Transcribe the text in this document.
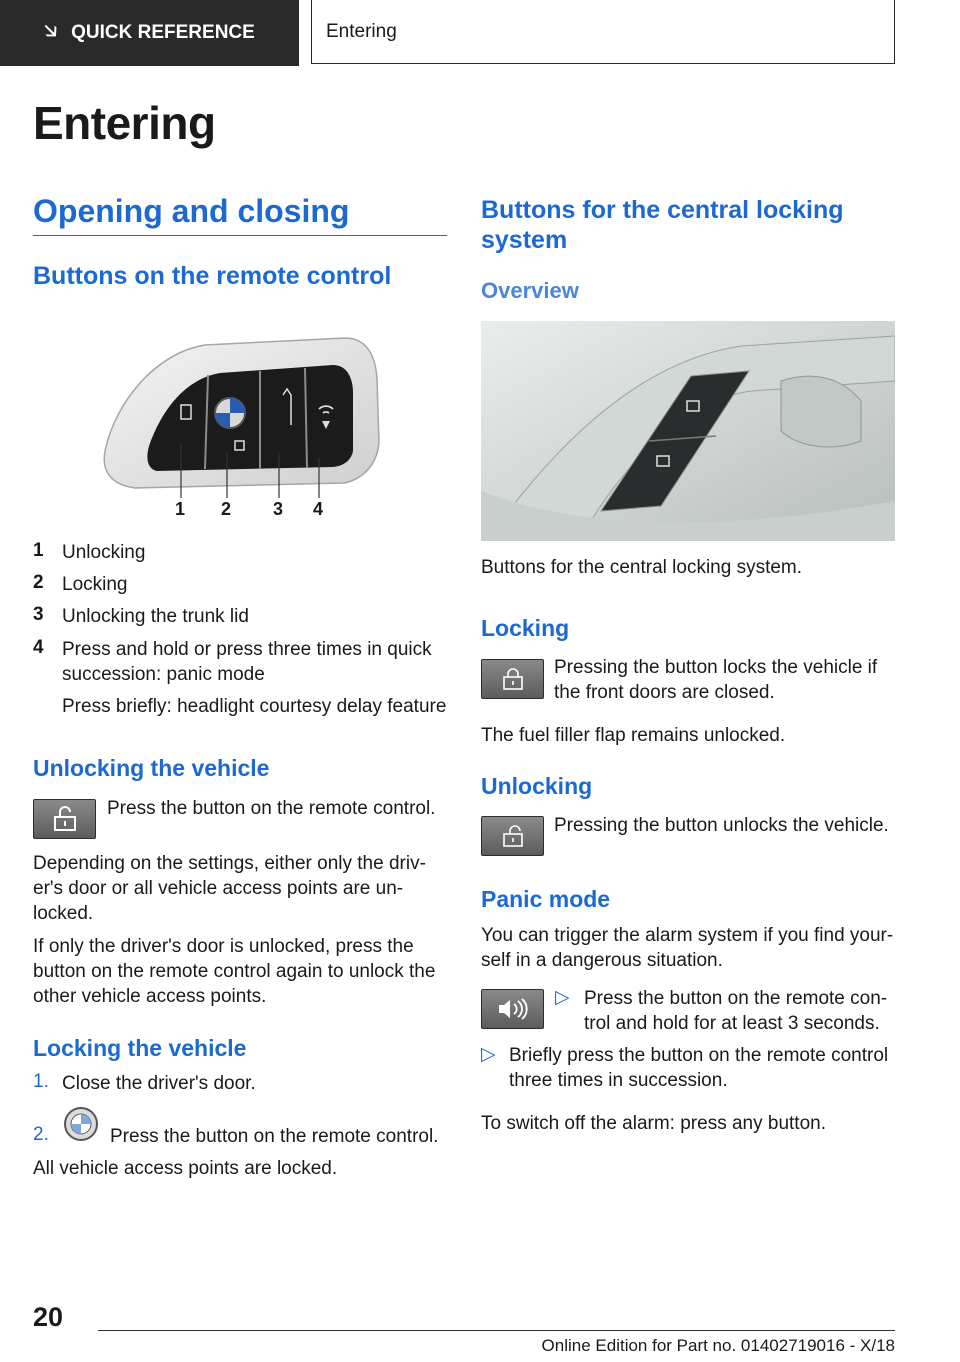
🡦 QUICK REFERENCE	Entering
Entering
Opening and closing
Buttons on the remote control
1 2 3 4
1 Unlocking
2 Locking
3 Unlocking the trunk lid
4 Press and hold or press three times in quick succession: panic mode
Press briefly: headlight courtesy delay feature
Unlocking the vehicle
Press the button on the remote control.
Depending on the settings, either only the driv- er's door or all vehicle access points are un- locked.
If only the driver's door is unlocked, press the button on the remote control again to unlock the other vehicle access points.
Locking the vehicle
1. Close the driver's door.
2.	Press the button on the remote control.
All vehicle access points are locked.
Buttons for the central locking system
Overview
Buttons for the central locking system.
Locking
Pressing the button locks the vehicle if the front doors are closed.
The fuel filler flap remains unlocked.
Unlocking
Pressing the button unlocks the vehicle.
Panic mode
You can trigger the alarm system if you find your- self in a dangerous situation.
▷ Press the button on the remote con- trol and hold for at least 3 seconds.
▷ Briefly press the button on the remote control three times in succession.
To switch off the alarm: press any button.
20
Online Edition for Part no. 01402719016 - X/18
